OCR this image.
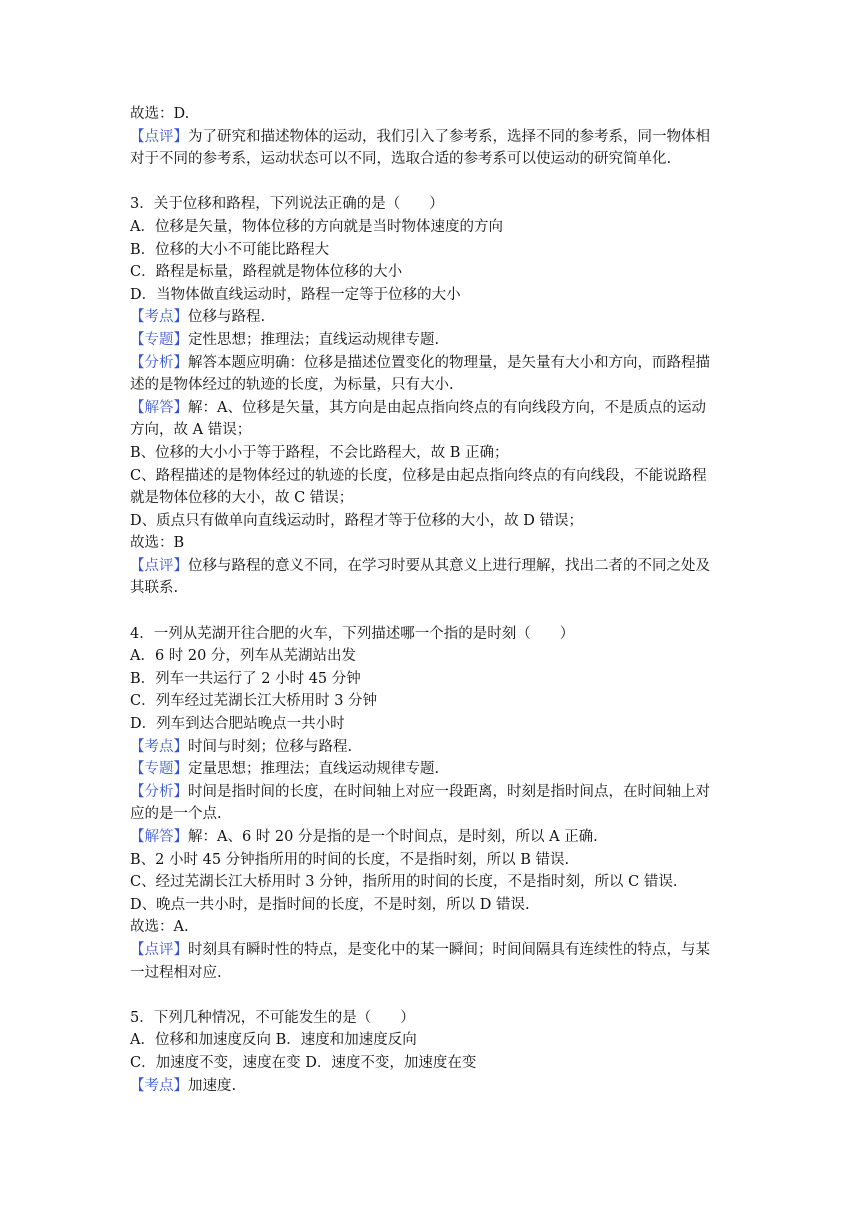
故选：D.

【点评】为了研究和描述物体的运动，我们引入了参考系，选择不同的参考系，同一物体相

对于不同的参考系，运动状态可以不同，选取合适的参考系可以使运动的研究简单化.

3．关于位移和路程，下列说法正确的是（　　）

A．位移是矢量，物体位移的方向就是当时物体速度的方向

B．位移的大小不可能比路程大

C．路程是标量，路程就是物体位移的大小

D．当物体做直线运动时，路程一定等于位移的大小

【考点】位移与路程.

【专题】定性思想；推理法；直线运动规律专题.

【分析】解答本题应明确：位移是描述位置变化的物理量，是矢量有大小和方向，而路程描

述的是物体经过的轨迹的长度，为标量，只有大小.

【解答】解：A、位移是矢量，其方向是由起点指向终点的有向线段方向，不是质点的运动

方向，故 A 错误；

B、位移的大小小于等于路程，不会比路程大，故 B 正确；

C、路程描述的是物体经过的轨迹的长度，位移是由起点指向终点的有向线段，不能说路程

就是物体位移的大小，故 C 错误；

D、质点只有做单向直线运动时，路程才等于位移的大小，故 D 错误；

故选：B

【点评】位移与路程的意义不同，在学习时要从其意义上进行理解，找出二者的不同之处及

其联系.

4．一列从芜湖开往合肥的火车，下列描述哪一个指的是时刻（　　）

A．6 时 20 分，列车从芜湖站出发

B．列车一共运行了 2 小时 45 分钟

C．列车经过芜湖长江大桥用时 3 分钟

D．列车到达合肥站晚点一共小时

【考点】时间与时刻；位移与路程.

【专题】定量思想；推理法；直线运动规律专题.

【分析】时间是指时间的长度，在时间轴上对应一段距离，时刻是指时间点，在时间轴上对

应的是一个点.

【解答】解：A、6 时 20 分是指的是一个时间点，是时刻，所以 A 正确.

B、2 小时 45 分钟指所用的时间的长度，不是指时刻，所以 B 错误.

C、经过芜湖长江大桥用时 3 分钟，指所用的时间的长度，不是指时刻，所以 C 错误.

D、晚点一共小时，是指时间的长度，不是时刻，所以 D 错误.

故选：A.

【点评】时刻具有瞬时性的特点，是变化中的某一瞬间；时间间隔具有连续性的特点，与某

一过程相对应.

5．下列几种情况，不可能发生的是（　　）

A．位移和加速度反向 B．速度和加速度反向

C．加速度不变，速度在变 D．速度不变，加速度在变

【考点】加速度.
